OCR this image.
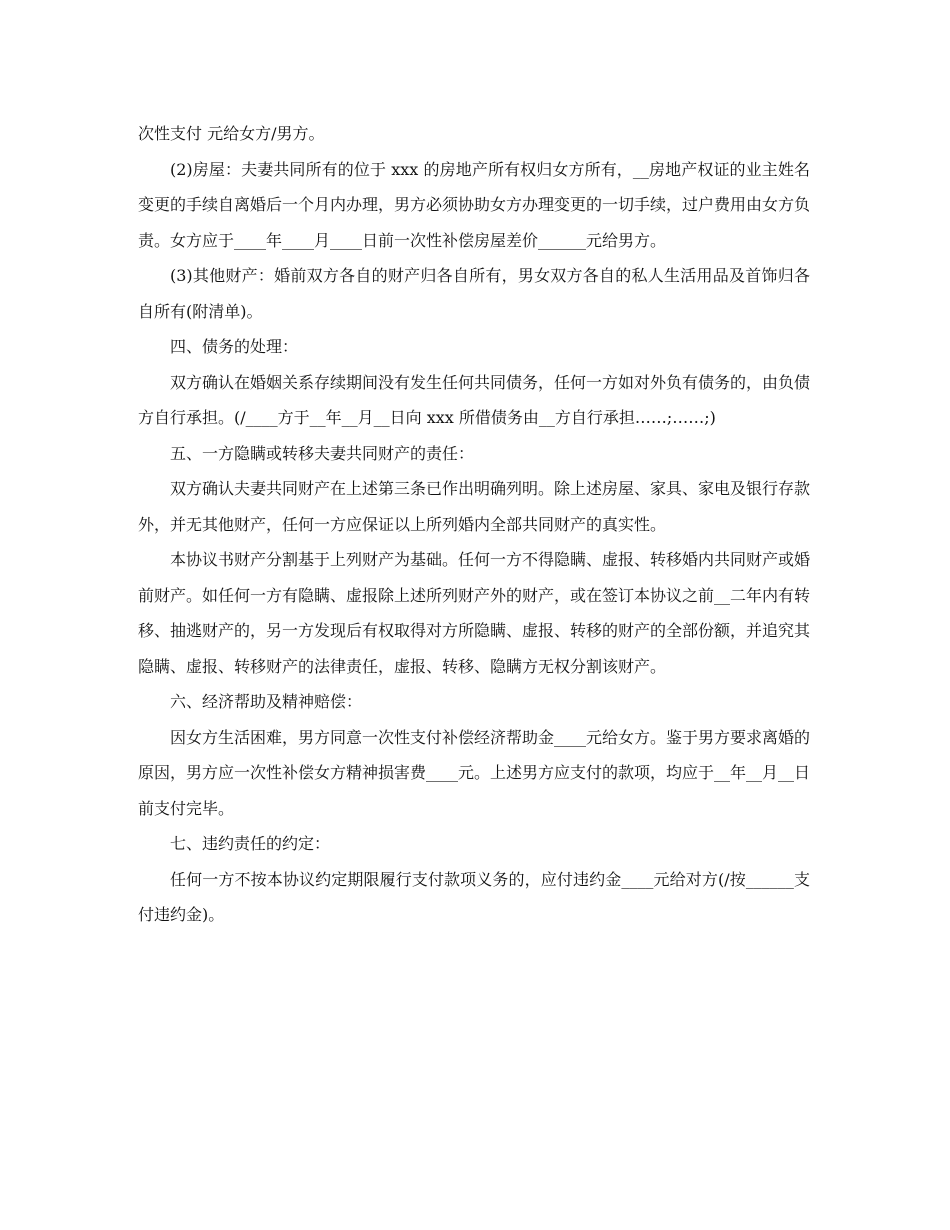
次性支付 元给女方/男方。

(2)房屋：夫妻共同所有的位于 xxx 的房地产所有权归女方所有，__房地产权证的业主姓名变更的手续自离婚后一个月内办理，男方必须协助女方办理变更的一切手续，过户费用由女方负责。女方应于____年____月____日前一次性补偿房屋差价______元给男方。

(3)其他财产：婚前双方各自的财产归各自所有，男女双方各自的私人生活用品及首饰归各自所有(附清单)。

四、债务的处理：

双方确认在婚姻关系存续期间没有发生任何共同债务，任何一方如对外负有债务的，由负债方自行承担。(/____方于__年__月__日向 xxx 所借债务由__方自行承担……;……;)

五、一方隐瞒或转移夫妻共同财产的责任：

双方确认夫妻共同财产在上述第三条已作出明确列明。除上述房屋、家具、家电及银行存款外，并无其他财产，任何一方应保证以上所列婚内全部共同财产的真实性。

本协议书财产分割基于上列财产为基础。任何一方不得隐瞒、虚报、转移婚内共同财产或婚前财产。如任何一方有隐瞒、虚报除上述所列财产外的财产，或在签订本协议之前__二年内有转移、抽逃财产的，另一方发现后有权取得对方所隐瞒、虚报、转移的财产的全部份额，并追究其隐瞒、虚报、转移财产的法律责任，虚报、转移、隐瞒方无权分割该财产。

六、经济帮助及精神赔偿：

因女方生活困难，男方同意一次性支付补偿经济帮助金____元给女方。鉴于男方要求离婚的原因，男方应一次性补偿女方精神损害费____元。上述男方应支付的款项，均应于__年__月__日前支付完毕。

七、违约责任的约定：

任何一方不按本协议约定期限履行支付款项义务的，应付违约金____元给对方(/按______支付违约金)。
